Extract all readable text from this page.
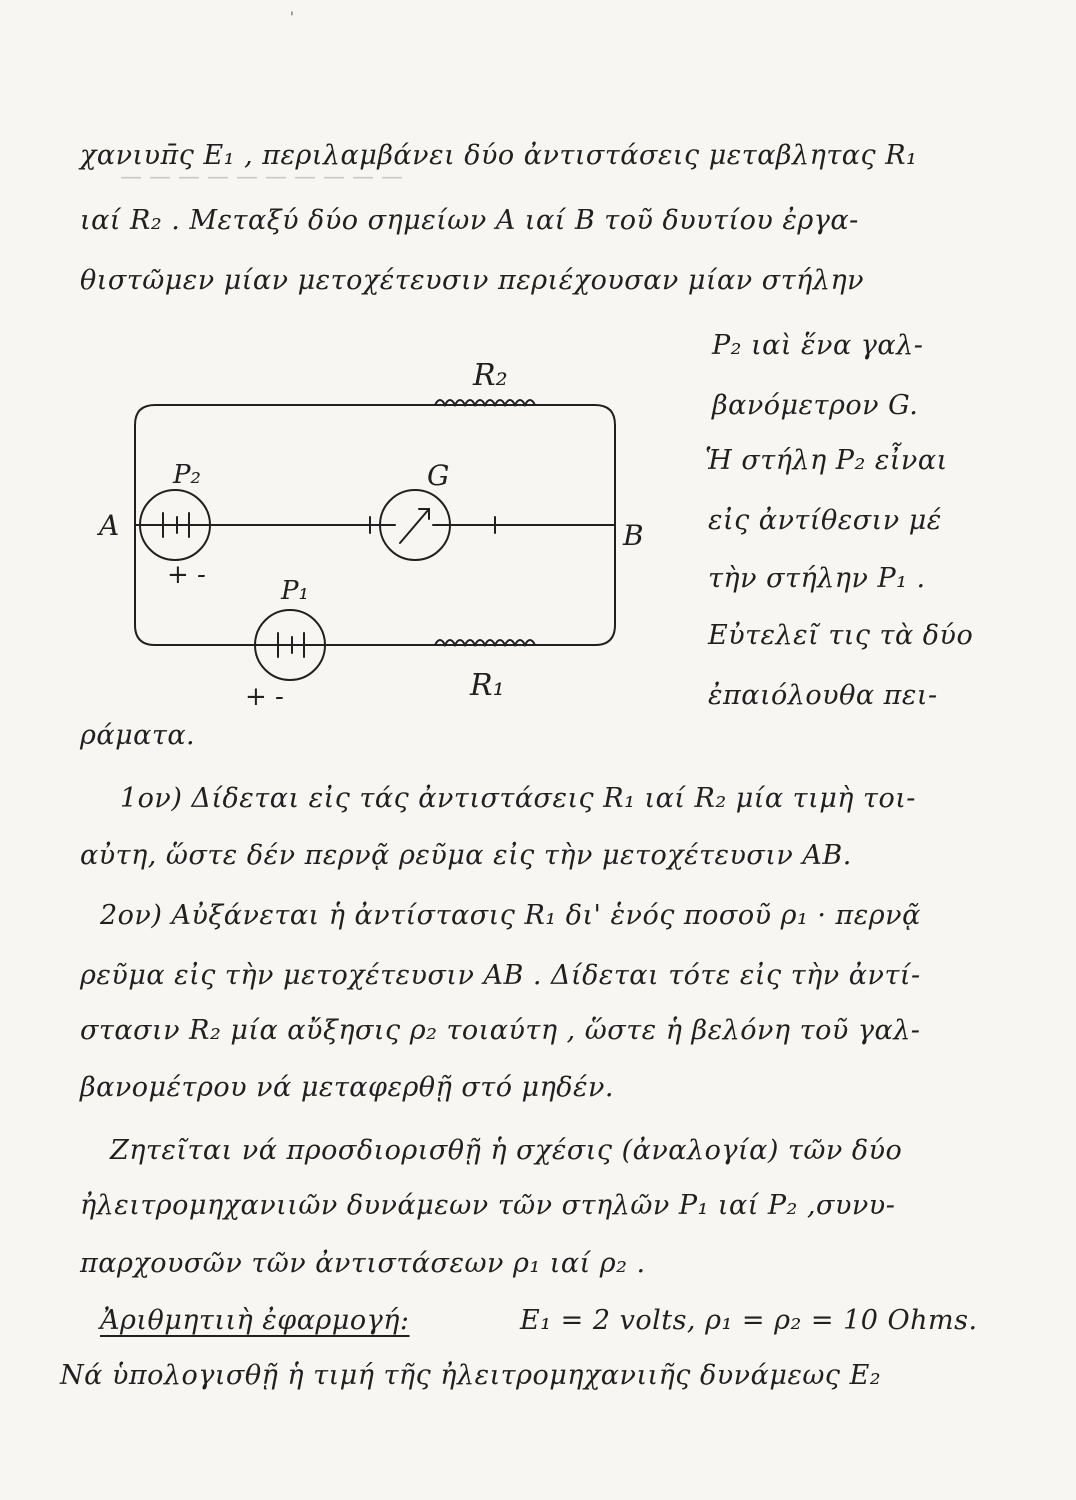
— — — — — — — — — —
'
χανιυπ̄ς E₁ , περιλαμβάνει δύο ἀντιστάσεις μεταβλητας R₁
ιαί R₂ . Μεταξύ δύο σημείων A ιαί B τοῦ δυυτίου ἐργα-
θιστῶμεν μίαν μετοχέτευσιν περιέχουσαν μίαν στήλην
P₂ ιαὶ ἕνα γαλ-
βανόμετρον G.
Ἡ στήλη P₂ εἶναι
εἰς ἀντίθεσιν μέ
τὴν στήλην P₁ .
Εὐτελεῖ τις τὰ δύο
ἐπαιόλουθα πει-
ράματα.
R₂
R₁
P₂	G
A	B
+ -
P₁
+ -
1ον) Δίδεται εἰς τάς ἀντιστάσεις R₁ ιαί R₂ μία τιμὴ τοι-
αὐτη, ὥστε δέν περνᾷ ρεῦμα εἰς τὴν μετοχέτευσιν AB.
2ον) Αὐξάνεται ἡ ἀντίστασις R₁ δι' ἑνός ποσοῦ ρ₁ · περνᾷ
ρεῦμα εἰς τὴν μετοχέτευσιν AB . Δίδεται τότε εἰς τὴν ἀντί-
στασιν R₂ μία αὔξησις ρ₂ τοιαύτη , ὥστε ἡ βελόνη τοῦ γαλ-
βανομέτρου νά μεταφερθῇ στό μηδέν.
Ζητεῖται νά προσδιορισθῇ ἡ σχέσις (ἀναλογία) τῶν δύο
ἠλειτρομηχανιιῶν δυνάμεων τῶν στηλῶν P₁ ιαί P₂ ,συνυ-
παρχουσῶν τῶν ἀντιστάσεων ρ₁ ιαί ρ₂ .
Ἀριθμητιιὴ ἐφαρμογή:	E₁ = 2 volts, ρ₁ = ρ₂ = 10 Ohms.
Νά ὑπολογισθῇ ἡ τιμή τῆς ἠλειτρομηχανιιῆς δυνάμεως E₂
